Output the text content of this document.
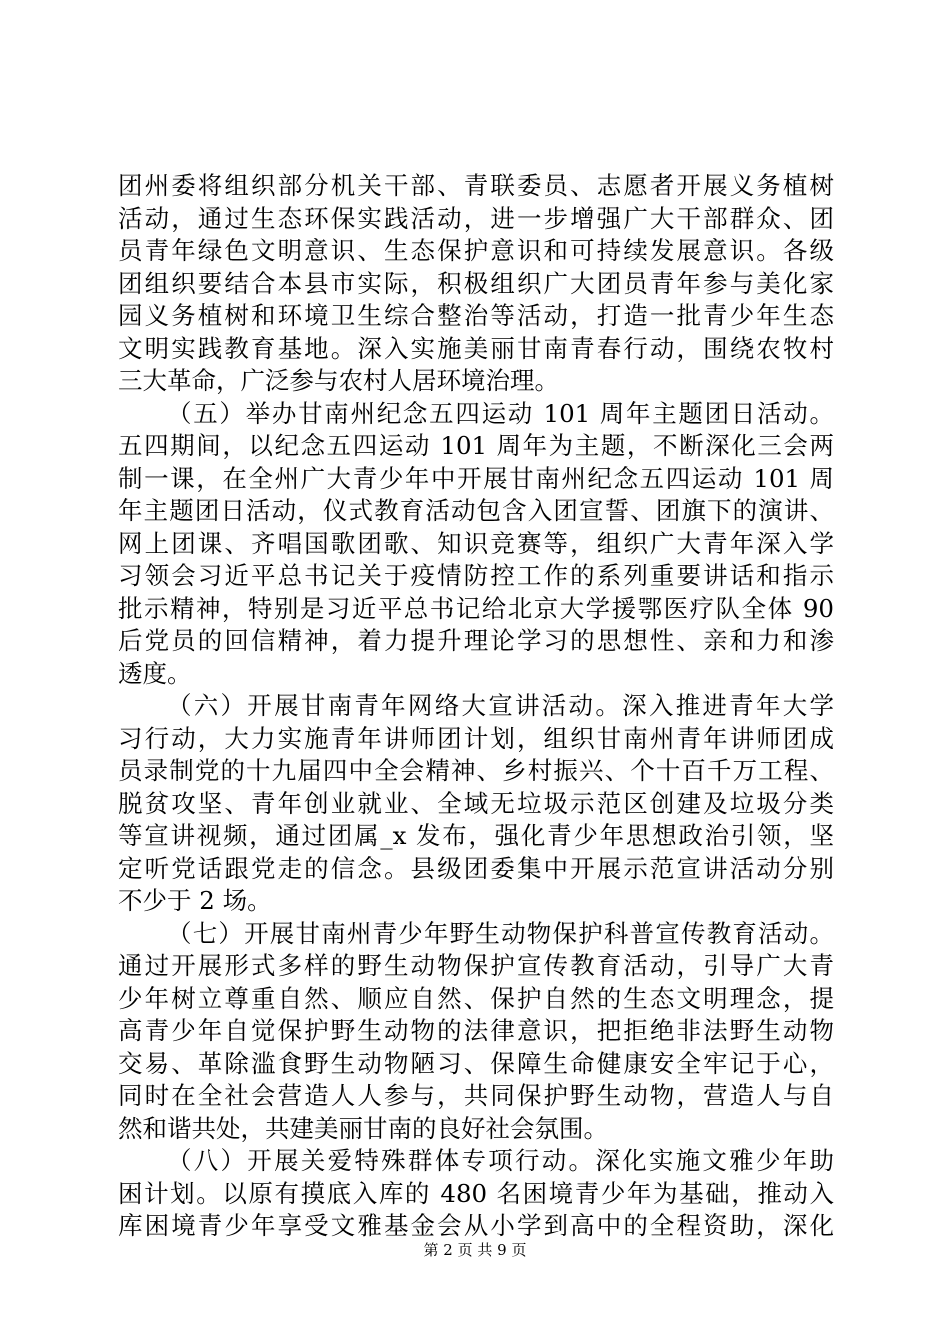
团州委将组织部分机关干部、青联委员、志愿者开展义务植树
活动，通过生态环保实践活动，进一步增强广大干部群众、团
员青年绿色文明意识、生态保护意识和可持续发展意识。各级
团组织要结合本县市实际，积极组织广大团员青年参与美化家
园义务植树和环境卫生综合整治等活动，打造一批青少年生态
文明实践教育基地。深入实施美丽甘南青春行动，围绕农牧村
三大革命，广泛参与农村人居环境治理。
（五）举办甘南州纪念五四运动 101 周年主题团日活动。
五四期间，以纪念五四运动 101 周年为主题，不断深化三会两
制一课，在全州广大青少年中开展甘南州纪念五四运动 101 周
年主题团日活动，仪式教育活动包含入团宣誓、团旗下的演讲、
网上团课、齐唱国歌团歌、知识竞赛等，组织广大青年深入学
习领会习近平总书记关于疫情防控工作的系列重要讲话和指示
批示精神，特别是习近平总书记给北京大学援鄂医疗队全体 90
后党员的回信精神，着力提升理论学习的思想性、亲和力和渗
透度。
（六）开展甘南青年网络大宣讲活动。深入推进青年大学
习行动，大力实施青年讲师团计划，组织甘南州青年讲师团成
员录制党的十九届四中全会精神、乡村振兴、个十百千万工程、
脱贫攻坚、青年创业就业、全域无垃圾示范区创建及垃圾分类
等宣讲视频，通过团属_x 发布，强化青少年思想政治引领，坚
定听党话跟党走的信念。县级团委集中开展示范宣讲活动分别
不少于 2 场。
（七）开展甘南州青少年野生动物保护科普宣传教育活动。
通过开展形式多样的野生动物保护宣传教育活动，引导广大青
少年树立尊重自然、顺应自然、保护自然的生态文明理念，提
高青少年自觉保护野生动物的法律意识，把拒绝非法野生动物
交易、革除滥食野生动物陋习、保障生命健康安全牢记于心，
同时在全社会营造人人参与，共同保护野生动物，营造人与自
然和谐共处，共建美丽甘南的良好社会氛围。
（八）开展关爱特殊群体专项行动。深化实施文雅少年助
困计划。以原有摸底入库的 480 名困境青少年为基础，推动入
库困境青少年享受文雅基金会从小学到高中的全程资助，深化
第 2 页 共 9 页
